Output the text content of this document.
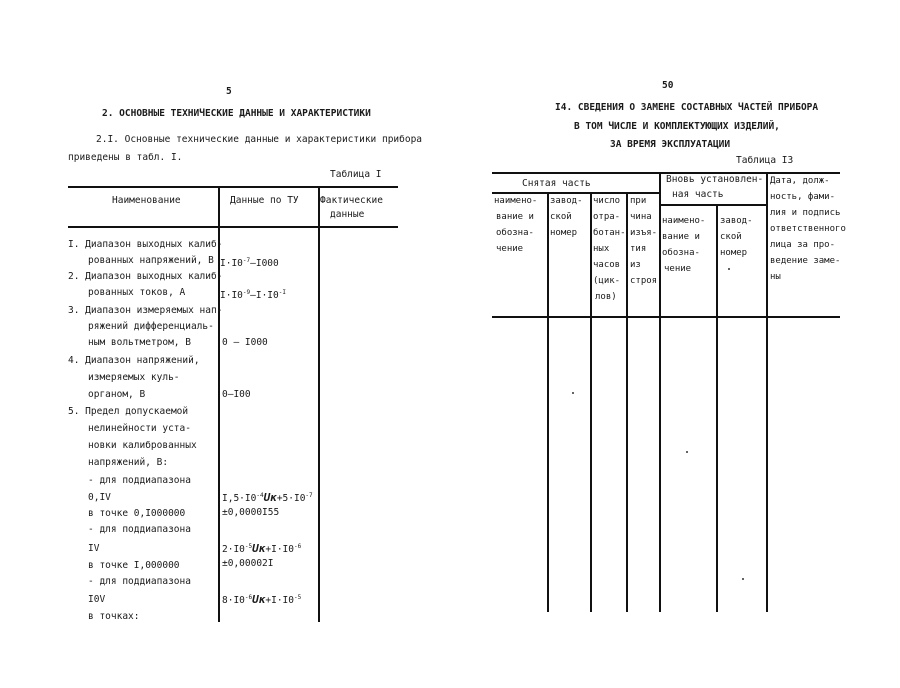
5
2. ОСНОВНЫЕ ТЕХНИЧЕСКИЕ ДАННЫЕ И ХАРАКТЕРИСТИКИ
2.I. Основные технические данные и характеристики прибора
приведены в табл. I.
Таблица I
Наименование	Данные по ТУ Фактические
данные
I. Диапазон выходных калиб-
рованных напряжений, В
2. Диапазон выходных калиб-
рованных токов, А
3. Диапазон измеряемых нап-
ряжений дифференциаль-
ным вольтметром, В
4. Диапазон напряжений,
измеряемых куль-
органом, В
5. Предел допускаемой
нелинейности уста-
новки калиброванных
напряжений, В:
- для поддиапазона
0,IV
в точке 0,I000000
- для поддиапазона
IV
в точке I,000000
- для поддиапазона
I0V
в точках:
$I\cdot I0^{-7}-I000$
$I\cdot I0^{-9}-I\cdot I0^{-I}$
0 – I000
0–I00
$I,5\cdot I0^{-4}Uк+5\cdot I0^{-7}$
±0,0000I55
$2\cdot I0^{-5}Uк+I\cdot I0^{-6}$
±0,00002I
$8\cdot I0^{-6}Uк+I\cdot I0^{-5}$
50
I4. СВЕДЕНИЯ О ЗАМЕНЕ СОСТАВНЫХ ЧАСТЕЙ ПРИБОРА
В ТОМ ЧИСЛЕ И КОМПЛЕКТУЮЩИХ ИЗДЕЛИЙ,
ЗА ВРЕМЯ ЭКСПЛУАТАЦИИ
Таблица I3
Снятая часть	Вновь установлен-
ная часть
Дата, долж-
ность, фами-
лия и подпись
ответственного
лица за про-
ведение заме-
ны
наимено-
вание и
обозна-
чение
завод-
ской
номер
число
отра-
ботан-
ных
часов
(цик-
лов)
при
чина
изъя-
тия
из
строя
наимено-
вание и
обозна-
чение
завод-
ской
номер
